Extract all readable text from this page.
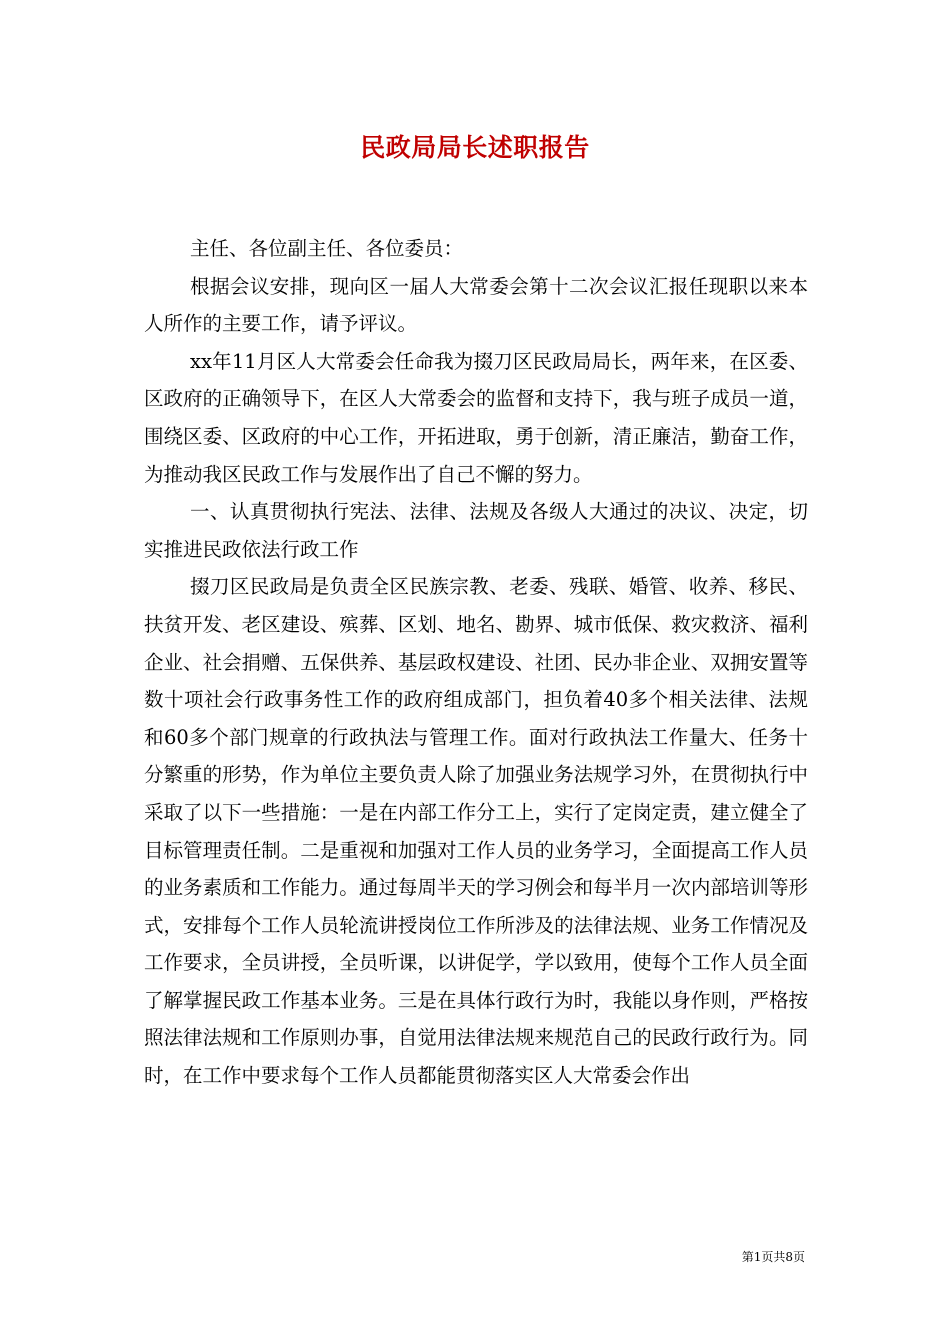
民政局局长述职报告

主任、各位副主任、各位委员：

根据会议安排，现向区一届人大常委会第十二次会议汇报任现职以来本人所作的主要工作，请予评议。

xx年11月区人大常委会任命我为掇刀区民政局局长，两年来，在区委、区政府的正确领导下，在区人大常委会的监督和支持下，我与班子成员一道，围绕区委、区政府的中心工作，开拓进取，勇于创新，清正廉洁，勤奋工作，为推动我区民政工作与发展作出了自己不懈的努力。

一、认真贯彻执行宪法、法律、法规及各级人大通过的决议、决定，切实推进民政依法行政工作

掇刀区民政局是负责全区民族宗教、老委、残联、婚管、收养、移民、扶贫开发、老区建设、殡葬、区划、地名、勘界、城市低保、救灾救济、福利企业、社会捐赠、五保供养、基层政权建设、社团、民办非企业、双拥安置等数十项社会行政事务性工作的政府组成部门，担负着40多个相关法律、法规和60多个部门规章的行政执法与管理工作。面对行政执法工作量大、任务十分繁重的形势，作为单位主要负责人除了加强业务法规学习外，在贯彻执行中采取了以下一些措施：一是在内部工作分工上，实行了定岗定责，建立健全了目标管理责任制。二是重视和加强对工作人员的业务学习，全面提高工作人员的业务素质和工作能力。通过每周半天的学习例会和每半月一次内部培训等形式，安排每个工作人员轮流讲授岗位工作所涉及的法律法规、业务工作情况及工作要求，全员讲授，全员听课，以讲促学，学以致用，使每个工作人员全面了解掌握民政工作基本业务。三是在具体行政行为时，我能以身作则，严格按照法律法规和工作原则办事，自觉用法律法规来规范自己的民政行政行为。同时，在工作中要求每个工作人员都能贯彻落实区人大常委会作出

第1页共8页
